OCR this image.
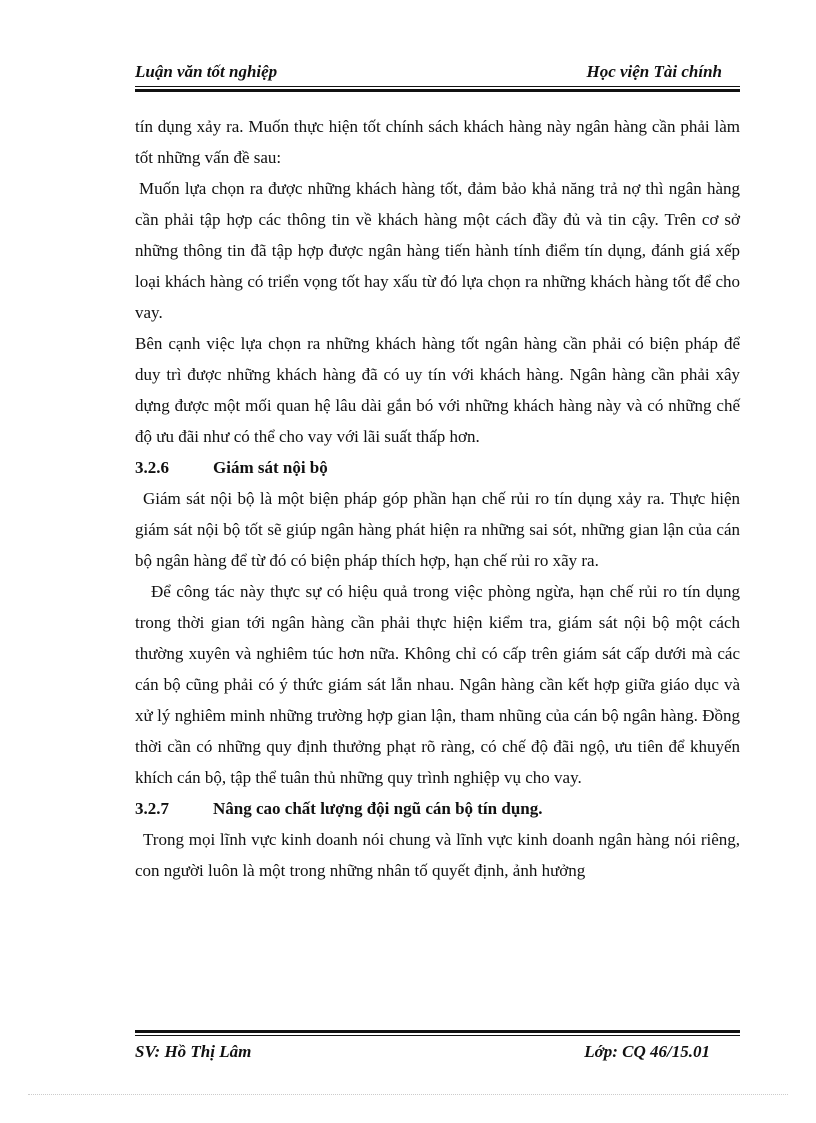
Luận văn tốt nghiệp	Học viện Tài chính

tín dụng xảy ra. Muốn thực hiện tốt chính sách khách hàng này ngân hàng cần phải làm tốt những vấn đề sau:

Muốn lựa chọn ra được những khách hàng tốt, đảm bảo khả năng trả nợ thì ngân hàng cần phải tập hợp các thông tin về khách hàng một cách đầy đủ và tin cậy. Trên cơ sở những thông tin đã tập hợp được ngân hàng tiến hành tính điểm tín dụng, đánh giá xếp loại khách hàng có triển vọng tốt hay xấu từ đó lựa chọn ra những khách hàng tốt để cho vay.

Bên cạnh việc lựa chọn ra những khách hàng tốt ngân hàng cần phải có biện pháp để duy trì được những khách hàng đã có uy tín với khách hàng. Ngân hàng cần phải xây dựng được một mối quan hệ lâu dài gắn bó với những khách hàng này và có những chế độ ưu đãi như có thể cho vay với lãi suất thấp hơn.

3.2.6	Giám sát nội bộ

Giám sát nội bộ là một biện pháp góp phần hạn chế rủi ro tín dụng xảy ra. Thực hiện giám sát nội bộ tốt sẽ giúp ngân hàng phát hiện ra những sai sót, những gian lận của cán bộ ngân hàng để từ đó có biện pháp thích hợp, hạn chế rủi ro xãy ra.

Để công tác này thực sự có hiệu quả trong việc phòng ngừa, hạn chế rủi ro tín dụng trong thời gian tới ngân hàng cần phải thực hiện kiểm tra, giám sát nội bộ một cách thường xuyên và nghiêm túc hơn nữa. Không chỉ có cấp trên giám sát cấp dưới mà các cán bộ cũng phải có ý thức giám sát lẫn nhau. Ngân hàng cần kết hợp giữa giáo dục và xử lý nghiêm minh những trường hợp gian lận, tham nhũng của cán bộ ngân hàng. Đồng thời cần có những quy định thưởng phạt rõ ràng, có chế độ đãi ngộ, ưu tiên để khuyến khích cán bộ, tập thể tuân thủ những quy trình nghiệp vụ cho vay.

3.2.7	Nâng cao chất lượng đội ngũ cán bộ tín dụng.

Trong mọi lĩnh vực kinh doanh nói chung và lĩnh vực kinh doanh ngân hàng nói riêng, con người luôn là một trong những nhân tố quyết định, ảnh hưởng

SV: Hồ Thị Lâm	Lớp: CQ 46/15.01
